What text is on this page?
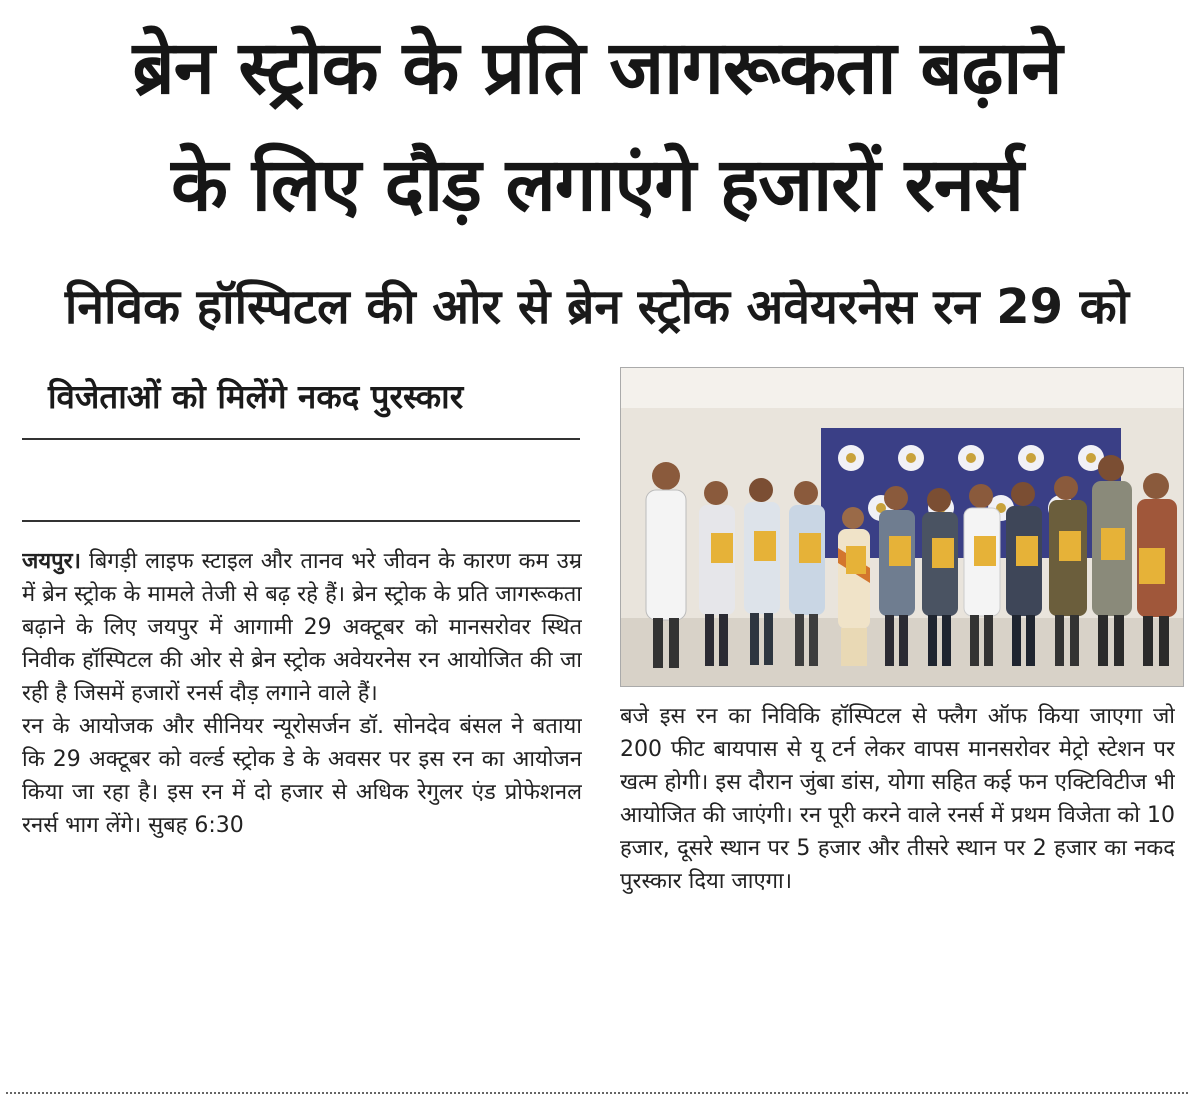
ब्रेन स्ट्रोक के प्रति जागरूकता बढ़ाने
के लिए दौड़ लगाएंगे हजारों रनर्स
निविक हॉस्पिटल की ओर से ब्रेन स्ट्रोक अवेयरनेस रन 29 को
विजेताओं को मिलेंगे नकद पुरस्कार

जयपुर। बिगड़ी लाइफ स्टाइल और तानव भरे जीवन के कारण कम उम्र में ब्रेन स्ट्रोक के मामले तेजी से बढ़ रहे हैं। ब्रेन स्ट्रोक के प्रति जागरूकता बढ़ाने के लिए जयपुर में आगामी 29 अक्टूबर को मानसरोवर स्थित निवीक हॉस्पिटल की ओर से ब्रेन स्ट्रोक अवेयरनेस रन आयोजित की जा रही है जिसमें हजारों रनर्स दौड़ लगाने वाले हैं।

रन के आयोजक और सीनियर न्यूरोसर्जन डॉ. सोनदेव बंसल ने बताया कि 29 अक्टूबर को वर्ल्ड स्ट्रोक डे के अवसर पर इस रन का आयोजन किया जा रहा है। इस रन में दो हजार से अधिक रेगुलर एंड प्रोफेशनल रनर्स भाग लेंगे। सुबह 6:30

बजे इस रन का निविकि हॉस्पिटल से फ्लैग ऑफ किया जाएगा जो 200 फीट बायपास से यू टर्न लेकर वापस मानसरोवर मेट्रो स्टेशन पर खत्म होगी। इस दौरान जुंबा डांस, योगा सहित कई फन एक्टिविटीज भी आयोजित की जाएंगी। रन पूरी करने वाले रनर्स में प्रथम विजेता को 10 हजार, दूसरे स्थान पर 5 हजार और तीसरे स्थान पर 2 हजार का नकद पुरस्कार दिया जाएगा।
